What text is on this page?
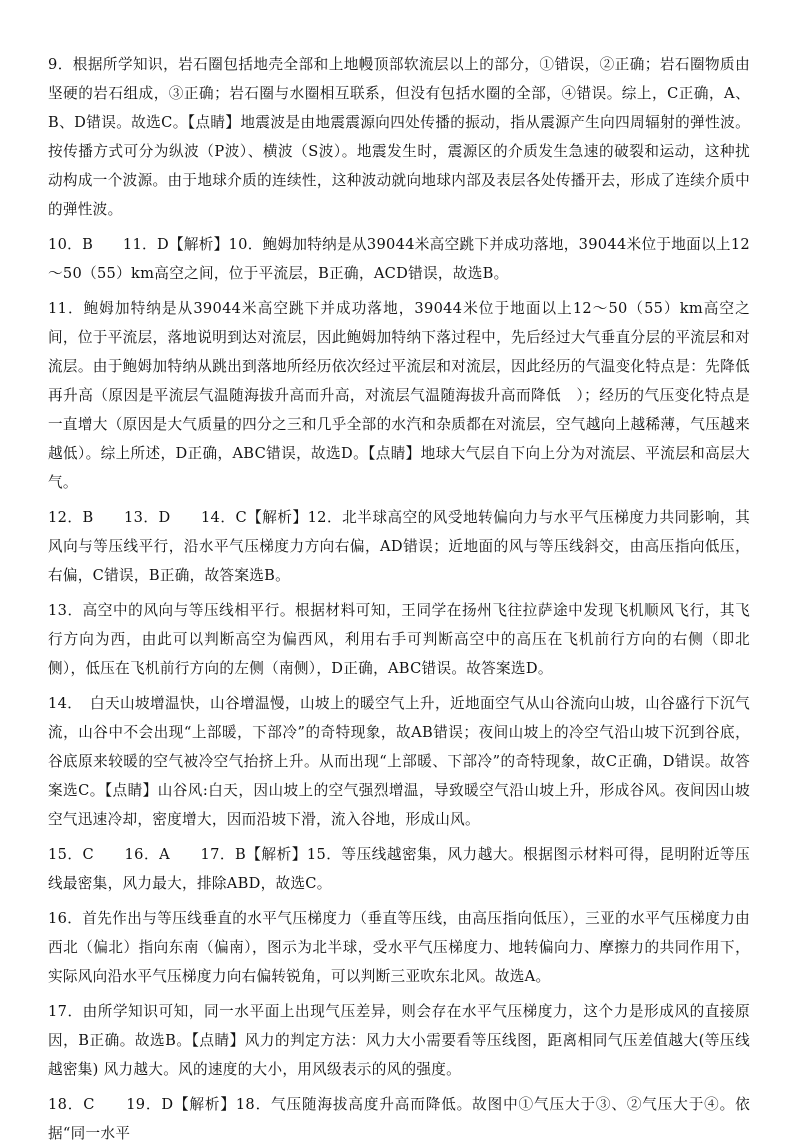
9．根据所学知识，岩石圈包括地壳全部和上地幔顶部软流层以上的部分，①错误，②正确；岩石圈物质由坚硬的岩石组成，③正确；岩石圈与水圈相互联系，但没有包括水圈的全部，④错误。综上，C正确，A、B、D错误。故选C。【点睛】地震波是由地震震源向四处传播的振动，指从震源产生向四周辐射的弹性波。按传播方式可分为纵波（P波）、横波（S波）。地震发生时，震源区的介质发生急速的破裂和运动，这种扰动构成一个波源。由于地球介质的连续性，这种波动就向地球内部及表层各处传播开去，形成了连续介质中的弹性波。

10．B　　11．D【解析】10．鲍姆加特纳是从39044米高空跳下并成功落地，39044米位于地面以上12～50（55）km高空之间，位于平流层，B正确，ACD错误，故选B。

11．鲍姆加特纳是从39044米高空跳下并成功落地，39044米位于地面以上12～50（55）km高空之间，位于平流层，落地说明到达对流层，因此鲍姆加特纳下落过程中，先后经过大气垂直分层的平流层和对流层。由于鲍姆加特纳从跳出到落地所经历依次经过平流层和对流层，因此经历的气温变化特点是：先降低再升高（原因是平流层气温随海拔升高而升高，对流层气温随海拔升高而降低　）；经历的气压变化特点是一直增大（原因是大气质量的四分之三和几乎全部的水汽和杂质都在对流层，空气越向上越稀薄，气压越来越低）。综上所述，D正确，ABC错误，故选D。【点睛】地球大气层自下向上分为对流层、平流层和高层大气。

12．B　　13．D　　14．C【解析】12．北半球高空的风受地转偏向力与水平气压梯度力共同影响，其风向与等压线平行，沿水平气压梯度力方向右偏，AD错误；近地面的风与等压线斜交，由高压指向低压，右偏，C错误，B正确，故答案选B。

13．高空中的风向与等压线相平行。根据材料可知，王同学在扬州飞往拉萨途中发现飞机顺风飞行，其飞行方向为西，由此可以判断高空为偏西风，利用右手可判断高空中的高压在飞机前行方向的右侧（即北侧），低压在飞机前行方向的左侧（南侧），D正确，ABC错误。故答案选D。

14．　白天山坡增温快，山谷增温慢，山坡上的暖空气上升，近地面空气从山谷流向山坡，山谷盛行下沉气流，山谷中不会出现“上部暖，下部冷”的奇特现象，故AB错误；夜间山坡上的冷空气沿山坡下沉到谷底，谷底原来较暖的空气被冷空气抬挤上升。从而出现“上部暖、下部冷”的奇特现象，故C正确，D错误。故答案选C。【点睛】山谷风:白天，因山坡上的空气强烈增温，导致暖空气沿山坡上升，形成谷风。夜间因山坡空气迅速冷却，密度增大，因而沿坡下滑，流入谷地，形成山风。

15．C　　16．A　　17．B【解析】15．等压线越密集，风力越大。根据图示材料可得，昆明附近等压线最密集，风力最大，排除ABD，故选C。

16．首先作出与等压线垂直的水平气压梯度力（垂直等压线，由高压指向低压），三亚的水平气压梯度力由西北（偏北）指向东南（偏南），图示为北半球，受水平气压梯度力、地转偏向力、摩擦力的共同作用下，实际风向沿水平气压梯度力向右偏转锐角，可以判断三亚吹东北风。故选A。

17．由所学知识可知，同一水平面上出现气压差异，则会存在水平气压梯度力，这个力是形成风的直接原因，B正确。故选B。【点睛】风力的判定方法：风力大小需要看等压线图，距离相同气压差值越大(等压线越密集) 风力越大。风的速度的大小，用风级表示的风的强度。

18．C　　19．D【解析】18．气压随海拔高度升高而降低。故图中①气压大于③、②气压大于④。依据“同一水平
